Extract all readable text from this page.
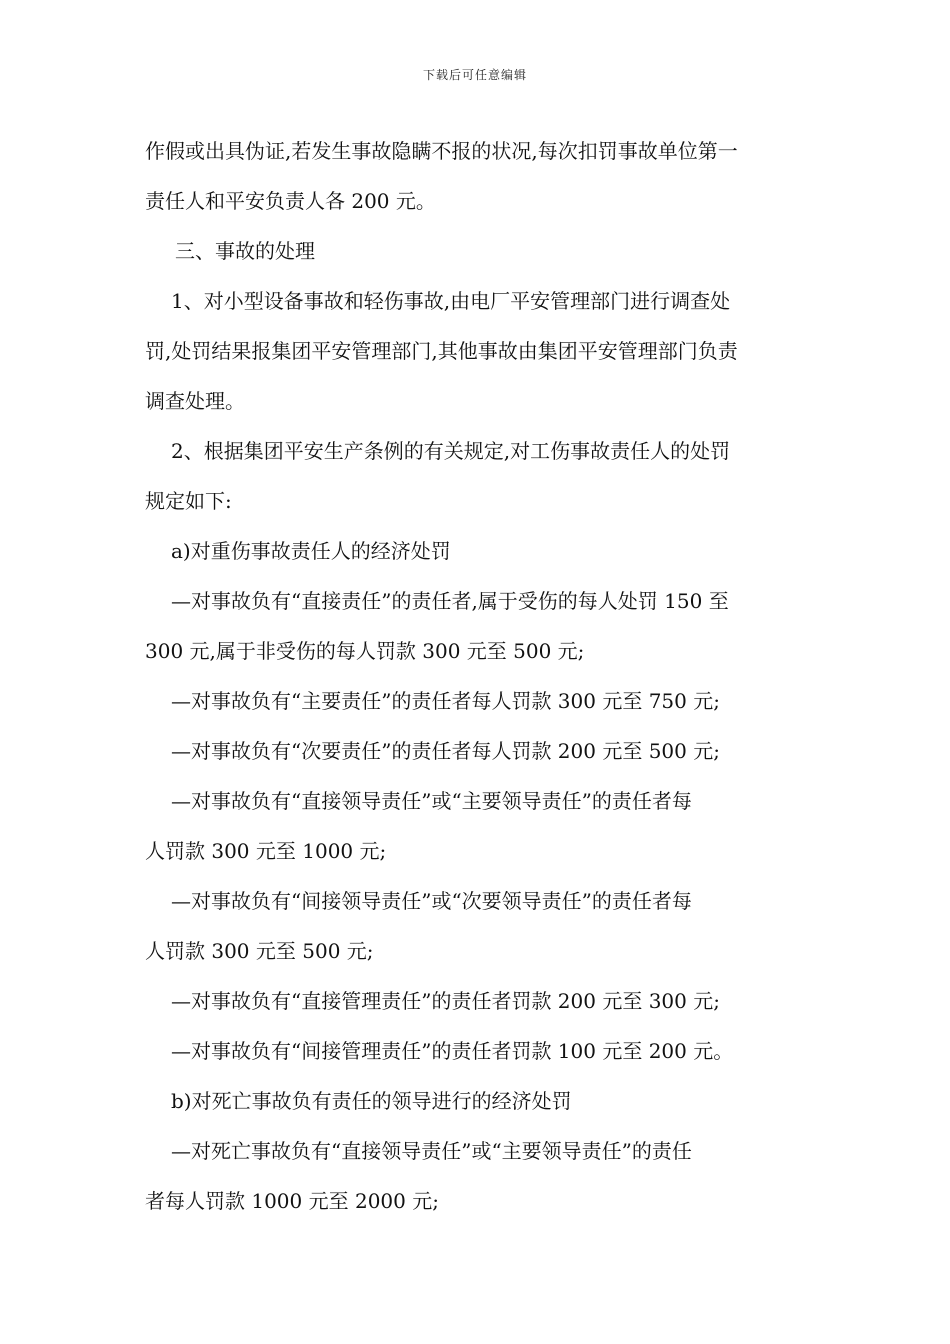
下载后可任意编辑
作假或出具伪证,若发生事故隐瞒不报的状况,每次扣罚事故单位第一
责任人和平安负责人各 200 元。
三、事故的处理
1、对小型设备事故和轻伤事故,由电厂平安管理部门进行调查处
罚,处罚结果报集团平安管理部门,其他事故由集团平安管理部门负责
调查处理。
2、根据集团平安生产条例的有关规定,对工伤事故责任人的处罚
规定如下:
a)对重伤事故责任人的经济处罚
—对事故负有“直接责任”的责任者,属于受伤的每人处罚 150 至
300 元,属于非受伤的每人罚款 300 元至 500 元;
—对事故负有“主要责任”的责任者每人罚款 300 元至 750 元;
—对事故负有“次要责任”的责任者每人罚款 200 元至 500 元;
—对事故负有“直接领导责任”或“主要领导责任”的责任者每
人罚款 300 元至 1000 元;
—对事故负有“间接领导责任”或“次要领导责任”的责任者每
人罚款 300 元至 500 元;
—对事故负有“直接管理责任”的责任者罚款 200 元至 300 元;
—对事故负有“间接管理责任”的责任者罚款 100 元至 200 元。
b)对死亡事故负有责任的领导进行的经济处罚
—对死亡事故负有“直接领导责任”或“主要领导责任”的责任
者每人罚款 1000 元至 2000 元;
